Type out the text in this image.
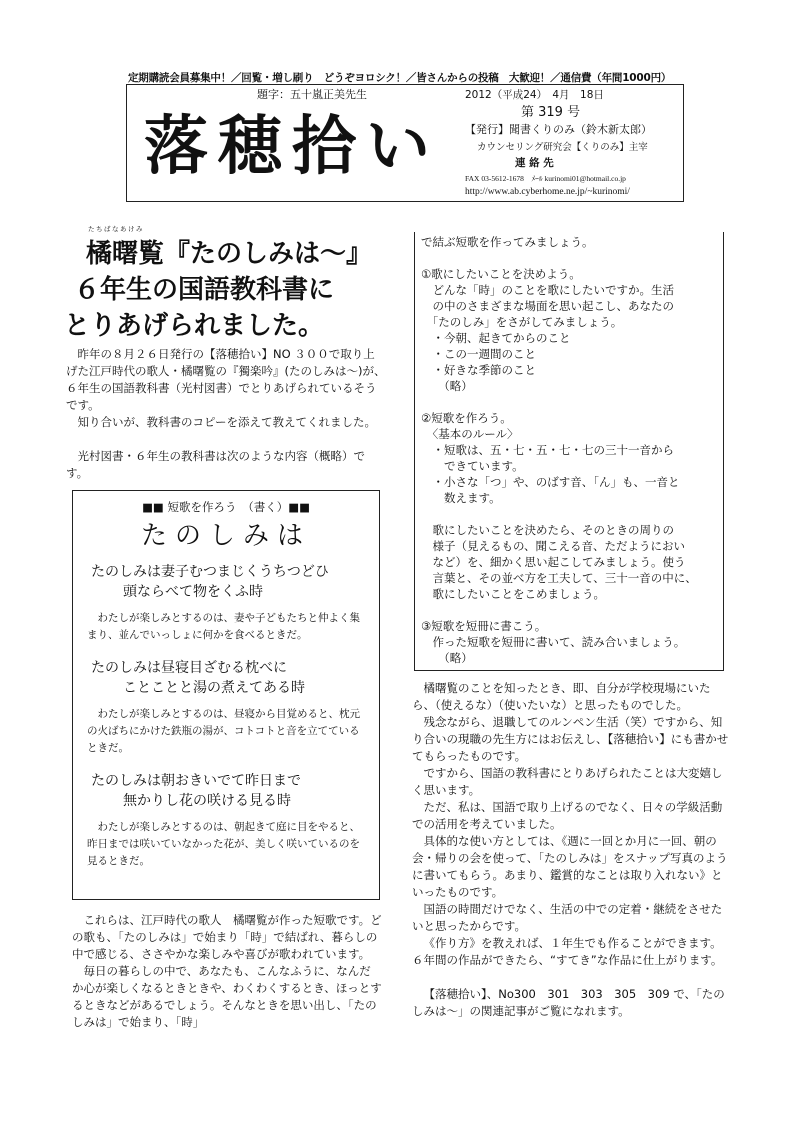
定期購読会員募集中！／回覧・増し刷り　どうぞヨロシク！／皆さんからの投稿　大歓迎！／通信費（年間1000円）
題字：五十嵐正美先生
落穂拾い
2012（平成24）　4月　18日
第 319 号
【発行】聞書くりのみ（鈴木新太郎）
カウンセリング研究会【くりのみ】主宰
連 絡 先
FAX 03-5612-1678　ﾒｰﾙ kurinomi01@hotmail.co.jp
http://www.ab.cyberhome.ne.jp/~kurinomi/
たちばなあけみ
橘曙覧『たのしみは～』
６年生の国語教科書に
とりあげられました。

昨年の８月２６日発行の【落穂拾い】NO ３００で取り上げた江戸時代の歌人・橘曙覧の『獨楽吟』(たのしみは～)が、６年生の国語教科書（光村図書）でとりあげられているそうです。

知り合いが、教科書のコピーを添えて教えてくれました。

光村図書・６年生の教科書は次のような内容（概略）です。

■■ 短歌を作ろう　（書く）■■
たのしみは
たのしみは妻子むつまじくうちつどひ
頭ならべて物をくふ時

わたしが楽しみとするのは、妻や子どもたちと仲よく集まり、並んでいっしょに何かを食べるときだ。

たのしみは昼寝目ざむる枕べに
ことことと湯の煮えてある時

わたしが楽しみとするのは、昼寝から目覚めると、枕元の火ばちにかけた鉄瓶の湯が、コトコトと音を立てているときだ。

たのしみは朝おきいでて昨日まで
無かりし花の咲ける見る時

わたしが楽しみとするのは、朝起きて庭に目をやると、昨日までは咲いていなかった花が、美しく咲いているのを見るときだ。

これらは、江戸時代の歌人　橘曙覧が作った短歌です。どの歌も、「たのしみは」で始まり「時」で結ばれ、暮らしの中で感じる、ささやかな楽しみや喜びが歌われています。

毎日の暮らしの中で、あなたも、こんなふうに、なんだか心が楽しくなるときときや、わくわくするとき、ほっとするときなどがあるでしょう。そんなときを思い出し、「たのしみは」で始まり、「時」

で結ぶ短歌を作ってみましょう。

①歌にしたいことを決めよう。
　どんな「時」のことを歌にしたいですか。生活
　の中のさまざまな場面を思い起こし、あなたの
　「たのしみ」をさがしてみましょう。
　・今朝、起きてからのこと
　・この一週間のこと
　・好きな季節のこと
　　（略）

②短歌を作ろう。
　〈基本のルール〉
　・短歌は、五・七・五・七・七の三十一音から
　　できています。
　・小さな「つ」や、のばす音、「ん」も、一音と
　　数えます。

　歌にしたいことを決めたら、そのときの周りの
　様子（見えるもの、聞こえる音、ただようにおい
　など）を、細かく思い起こしてみましょう。使う
　言葉と、その並べ方を工夫して、三十一音の中に、
　歌にしたいことをこめましょう。

③短歌を短冊に書こう。
　作った短歌を短冊に書いて、読み合いましょう。
　　（略）

橘曙覧のことを知ったとき、即、自分が学校現場にいたら、（使えるな）（使いたいな）と思ったものでした。

残念ながら、退職してのルンペン生活（笑）ですから、知り合いの現職の先生方にはお伝えし、【落穂拾い】にも書かせてもらったものです。

ですから、国語の教科書にとりあげられたことは大変嬉しく思います。

ただ、私は、国語で取り上げるのでなく、日々の学級活動での活用を考えていました。

具体的な使い方としては、《週に一回とか月に一回、朝の会・帰りの会を使って、「たのしみは」をスナップ写真のように書いてもらう。あまり、鑑賞的なことは取り入れない》といったものです。

国語の時間だけでなく、生活の中での定着・継続をさせたいと思ったからです。

《作り方》を教えれば、１年生でも作ることができます。６年間の作品ができたら、“すてき”な作品に仕上がります。

【落穂拾い】、No300　301　303　305　309 で、「たのしみは～」の関連記事がご覧になれます。
